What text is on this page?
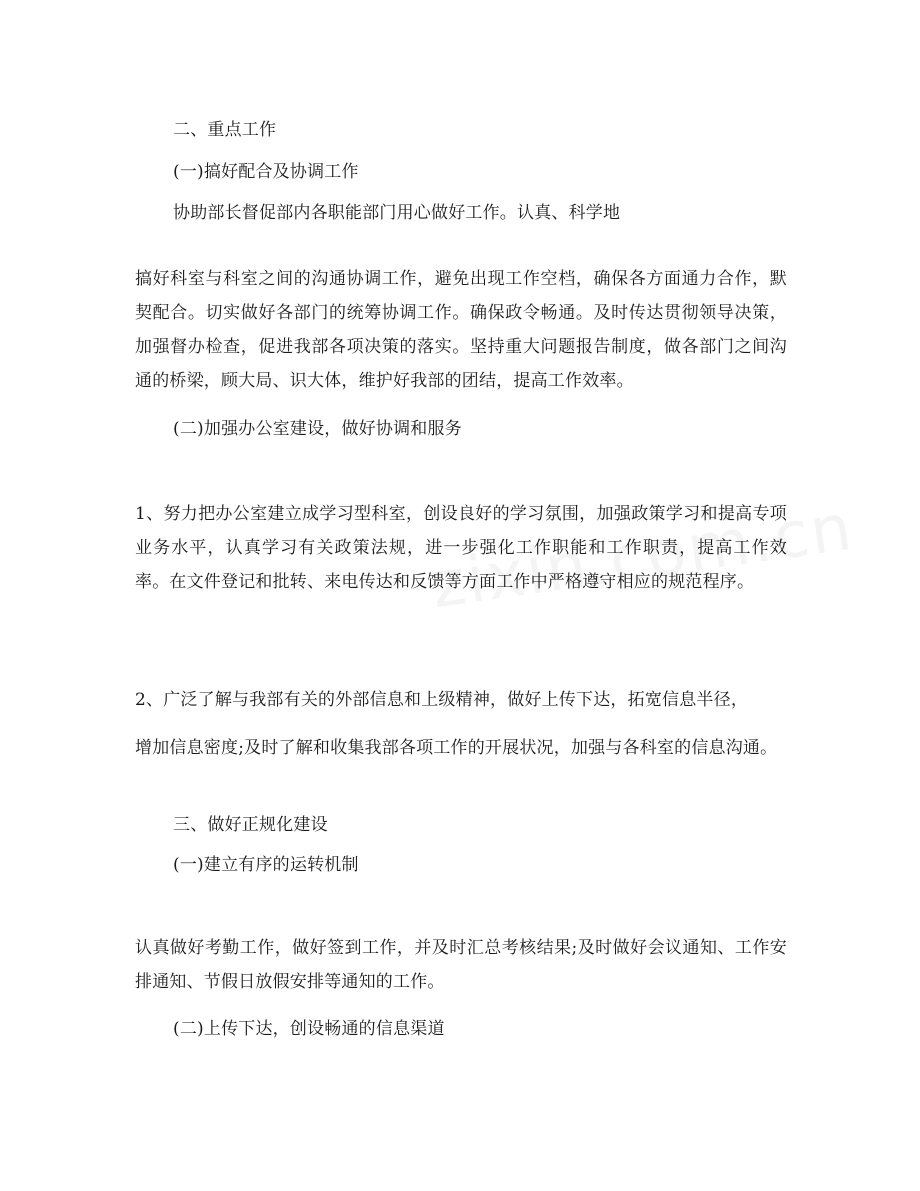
二、重点工作
(一)搞好配合及协调工作
协助部长督促部内各职能部门用心做好工作。认真、科学地
搞好科室与科室之间的沟通协调工作，避免出现工作空档，确保各方面通力合作，默契配合。切实做好各部门的统筹协调工作。确保政令畅通。及时传达贯彻领导决策，加强督办检查，促进我部各项决策的落实。坚持重大问题报告制度，做各部门之间沟通的桥梁，顾大局、识大体，维护好我部的团结，提高工作效率。
(二)加强办公室建设，做好协调和服务
1、努力把办公室建立成学习型科室，创设良好的学习氛围，加强政策学习和提高专项业务水平，认真学习有关政策法规，进一步强化工作职能和工作职责，提高工作效率。在文件登记和批转、来电传达和反馈等方面工作中严格遵守相应的规范程序。
2、广泛了解与我部有关的外部信息和上级精神，做好上传下达，拓宽信息半径，
增加信息密度;及时了解和收集我部各项工作的开展状况，加强与各科室的信息沟通。
三、做好正规化建设
(一)建立有序的运转机制
认真做好考勤工作，做好签到工作，并及时汇总考核结果;及时做好会议通知、工作安排通知、节假日放假安排等通知的工作。
(二)上传下达，创设畅通的信息渠道
